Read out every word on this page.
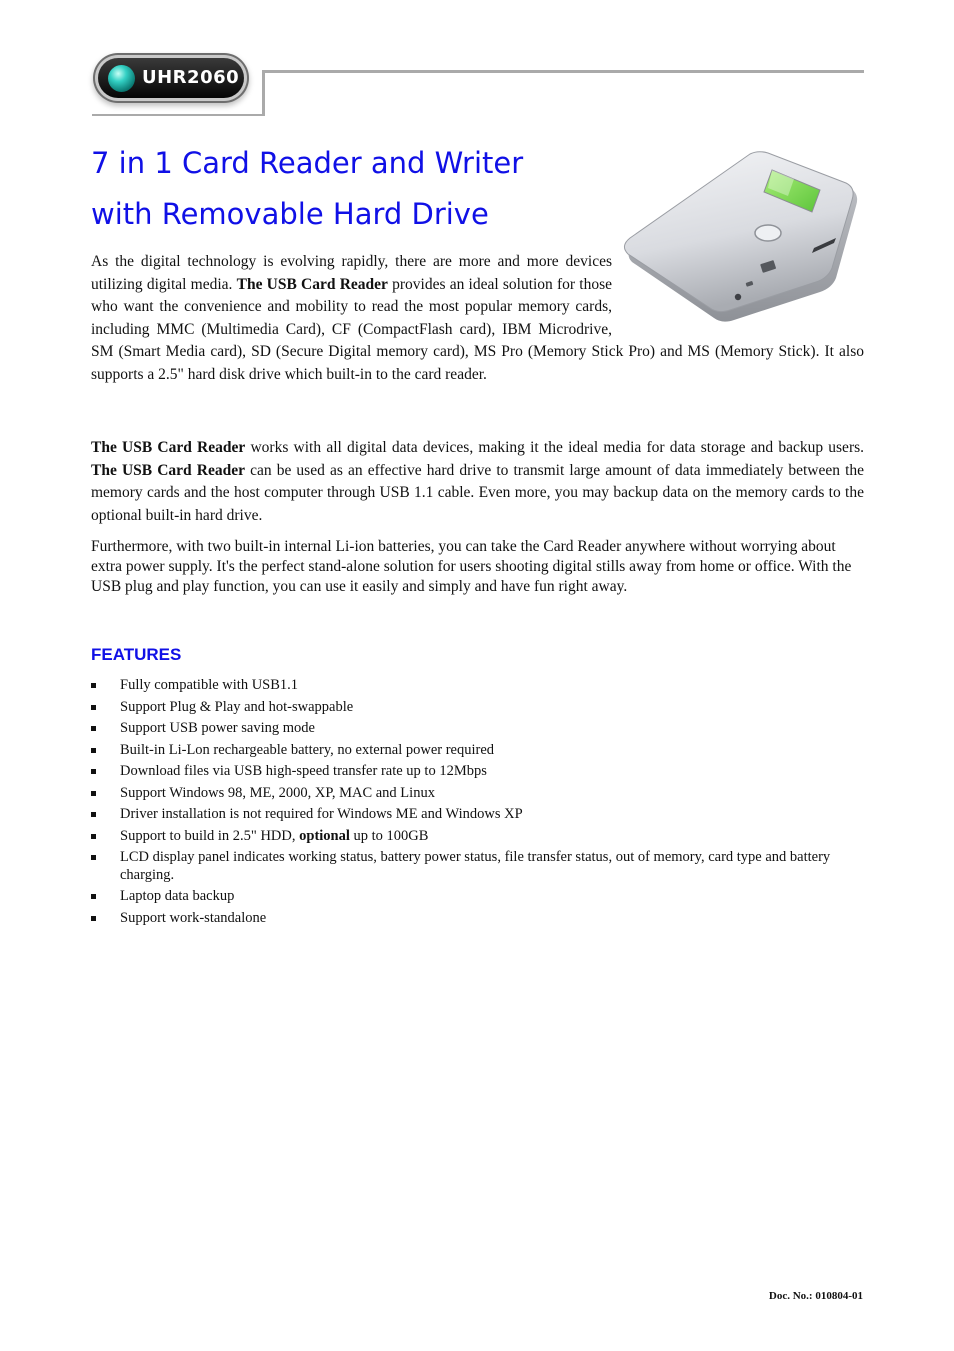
UHR2060
7 in 1 Card Reader and Writer
with Removable Hard Drive

As the digital technology is evolving rapidly, there are more and more devices utilizing digital media. The USB Card Reader provides an ideal solution for those who want the convenience and mobility to read the most popular memory cards, including MMC (Multimedia Card), CF (CompactFlash card), IBM Microdrive, SM (Smart Media card), SD (Secure Digital memory card), MS Pro (Memory Stick Pro) and MS (Memory Stick). It also supports a 2.5" hard disk drive which built-in to the card reader.

The USB Card Reader works with all digital data devices, making it the ideal media for data storage and backup users. The USB Card Reader can be used as an effective hard drive to transmit large amount of data immediately between the memory cards and the host computer through USB 1.1 cable. Even more, you may backup data on the memory cards to the optional built-in hard drive.

Furthermore, with two built-in internal Li-ion batteries, you can take the Card Reader anywhere without worrying about extra power supply. It's the perfect stand-alone solution for users shooting digital stills away from home or office. With the USB plug and play function, you can use it easily and simply and have fun right away.

FEATURES
Fully compatible with USB1.1
Support Plug & Play and hot-swappable
Support USB power saving mode
Built-in Li-Lon rechargeable battery, no external power required
Download files via USB high-speed transfer rate up to 12Mbps
Support Windows 98, ME, 2000, XP, MAC and Linux
Driver installation is not required for Windows ME and Windows XP
Support to build in 2.5" HDD, optional up to 100GB
LCD display panel indicates working status, battery power status, file transfer status, out of memory, card type and battery charging.
Laptop data backup
Support work-standalone

Doc. No.: 010804-01
